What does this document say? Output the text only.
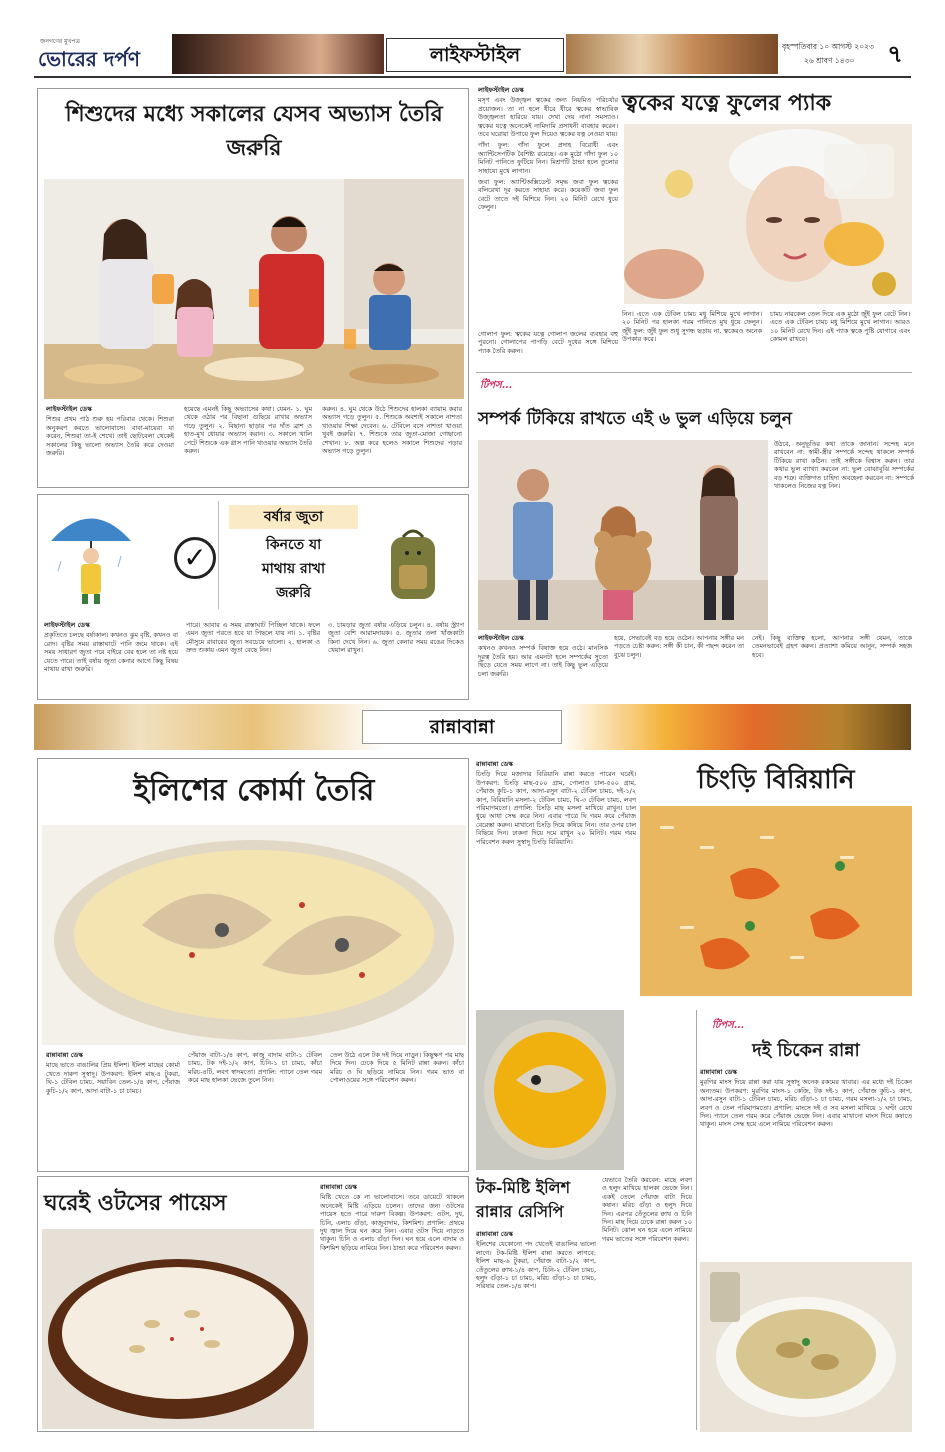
জনগণের মুখপত্র
ভোরের দর্পণ	লাইফস্টাইল	বৃহস্পতিবার ১০ আগস্ট ২০২৩
২৬ শ্রাবণ ১৪৩০ ৭
শিশুদের মধ্যে সকালের যেসব অভ্যাস তৈরি জরুরি
লাইফস্টাইল ডেস্ক
শিশুর প্রথম পাঠ শুরু হয় পরিবার থেকে। শিশুরা অনুকরণ করতে ভালোবাসে। বাবা-মায়েরা যা করেন, শিশুরা তা-ই শেখে। তাই ছোটবেলা থেকেই সকালের কিছু ভালো অভ্যাস তৈরি করে দেওয়া জরুরি।
হয়েছে এমনই কিছু অভ্যাসের কথা। যেমন- ১. ঘুম থেকে ওঠার পর বিছানা গুছিয়ে রাখার অভ্যাস গড়ে তুলুন। ২. বিছানা ছাড়ার পর দাঁত ব্রাশ ও হাত-মুখ ধোয়ার অভ্যাস করান। ৩. সকালে খালি পেটে শিশুকে এক গ্লাস পানি খাওয়ার অভ্যাস তৈরি করুন।
করুন। ৪. ঘুম থেকে উঠে শিশুদের হালকা ব্যায়াম করার অভ্যাস গড়ে তুলুন। ৫. শিশুকে অবশ্যই সকালে নাশতা খাওয়ার শিক্ষা দেবেন। ৬. টেবিলে বসে নাশতা খাওয়া খুবই জরুরি। ৭. শিশুকে তার জুতা-মোজা গোছানো শেখান। ৮. অল্প করে হলেও সকালে শিশুদের পড়ার অভ্যাস গড়ে তুলুন।
✓
বর্ষার জুতা
কিনতে যা
মাথায় রাখা
জরুরি
লাইফস্টাইল ডেস্ক
প্রকৃতিতে চলছে বর্ষাকাল। কখনও ঝুম বৃষ্টি, কখনও বা রোদ। বৃষ্টির সময় রাস্তাঘাটে পানি জমে থাকে। এই সময় সাধারণ জুতা পরে বাইরে বের হলে তা নষ্ট হয়ে যেতে পারে। তাই বর্ষায় জুতা কেনার আগে কিছু বিষয় মাথায় রাখা জরুরি।
পারে। আবার এ সময় রাস্তাঘাট পিচ্ছিল থাকে। ফলে এমন জুতা পরতে হবে যা পিছলে যায় না। ১. বৃষ্টির মৌসুমে রাবারের জুতা সবচেয়ে ভালো। ২. হালকা ও দ্রুত শুকায় এমন জুতা বেছে নিন।
৩. চামড়ার জুতা বর্ষায় এড়িয়ে চলুন। ৪. বর্ষায় স্ট্র্যাপ জুতা বেশি আরামদায়ক। ৫. জুতার তলা খাঁজকাটা কিনা দেখে নিন। ৬. জুতা কেনার সময় রঙের দিকেও খেয়াল রাখুন।
লাইফস্টাইল ডেস্ক

মসৃণ এবং উজ্জ্বল ত্বকের জন্য নিয়মিত পরিচর্যার প্রয়োজন। তা না হলে ধীরে ধীরে ত্বকের স্বাভাবিক উজ্জ্বলতা হারিয়ে যায়। দেখা দেয় নানা সমস্যাও। ত্বকের যত্নে অনেকেই নামিদামি প্রসাধনী ব্যবহার করেন। তবে ঘরোয়া উপায়ে ফুল দিয়েও ত্বকের যত্ন নেওয়া যায়।

গাঁদা ফুল: গাঁদা ফুলে প্রদাহ বিরোধী এবং অ্যান্টিসেপটিক বৈশিষ্ট্য রয়েছে। এক মুঠো গাঁদা ফুল ১০ মিনিট পানিতে ফুটিয়ে নিন। মিশ্রণটি ঠান্ডা হলে তুলোর সাহায্যে মুখে লাগান।

জবা ফুল: অ্যান্টিঅক্সিডেন্ট সমৃদ্ধ জবা ফুল ত্বকের বলিরেখা দূর করতে সাহায্য করে। কয়েকটি জবা ফুল বেটে তাতে দই মিশিয়ে নিন। ২০ মিনিট রেখে ধুয়ে ফেলুন।

ত্বকের যত্নে ফুলের প্যাক
গোলাপ ফুল: ত্বকের যত্নে গোলাপ জলের ব্যবহার বহু পুরনো। গোলাপের পাপড়ি বেটে দুধের সঙ্গে মিশিয়ে প্যাক তৈরি করুন।
নিন। এতে এক টেবিল চামচ মধু মিশিয়ে মুখে লাগান। ২০ মিনিট পর হালকা গরম পানিতে মুখ ধুয়ে ফেলুন। জুঁই ফুল: জুঁই ফুল শুধু সুগন্ধ ছড়ায় না, ত্বকেরও অনেক উপকার করে।
চামচ নারকেল তেল দিয়ে এক মুঠো জুঁই ফুল বেটে নিন। এতে এক টেবিল চামচ মধু মিশিয়ে মুখে লাগান। আরও ১০ মিনিট রেখে দিন। এই প্যাক ত্বকে পুষ্টি যোগাবে এবং কোমল রাখবে।
টিপস...
সম্পর্ক টিকিয়ে রাখতে এই ৬ ভুল এড়িয়ে চলুন
উঠবে, অনুভূতির কথা তাকে জানান। সন্দেহ মনে রাখবেন না: স্বামী-স্ত্রীর সম্পর্কে সন্দেহ থাকলে সম্পর্ক টিকিয়ে রাখা কঠিন। তাই সঙ্গীকে বিশ্বাস করুন। তার কথার ভুল ব্যাখ্যা করবেন না: ভুল বোঝাবুঝি সম্পর্কের বড় শত্রু। ব্যক্তিগত চাহিদা অবহেলা করবেন না: সম্পর্কে থাকলেও নিজের যত্ন নিন।
লাইফস্টাইল ডেস্ক
কখনও কখনও সম্পর্ক বিষাক্ত হয়ে ওঠে। মানসিক দূরত্ব তৈরি হয়। আর এমনটা হলে সম্পর্কের সুতো ছিঁড়ে যেতে সময় লাগে না। তাই কিছু ভুল এড়িয়ে চলা জরুরি।
হয়ে, সেভাবেই বড় হয়ে ওঠেন। আপনার সঙ্গীর মন পড়তে চেষ্টা করুন: সঙ্গী কী চান, কী পছন্দ করেন তা বুঝে চলুন।
নেই। কিছু ব্যক্তিত্ব হলো, আপনার সঙ্গী যেমন, তাকে তেমনভাবেই গ্রহণ করুন। প্রত্যাশা কমিয়ে আনুন, সম্পর্ক সহজ হবে।
রান্নাবান্না
ইলিশের কোর্মা তৈরি
রান্নাবান্না ডেস্ক
মাছে ভাতে বাঙালির প্রিয় ইলিশ। ইলিশ মাছের কোর্মা খেতে দারুণ সুস্বাদু। উপকরণ: ইলিশ মাছ-৪ টুকরা, ঘি-১ টেবিল চামচ, সয়াবিন তেল-১/৪ কাপ, পেঁয়াজ কুচি-১/২ কাপ, আদা বাটা-১ চা চামচ।
পেঁয়াজ বাটা-১/৪ কাপ, কাজু বাদাম বাটা-১ টেবিল চামচ, টক দই-১/২ কাপ, চিনি-১ চা চামচ, কাঁচা মরিচ-৪টি, লবণ স্বাদমতো। প্রণালি: প্যানে তেল গরম করে মাছ হালকা ভেজে তুলে নিন।
তেল উঠে এলে টক দই দিয়ে নাড়ুন। কিছুক্ষণ পর মাছ দিয়ে দিন। ঢেকে দিয়ে ৫ মিনিট রান্না করুন। কাঁচা মরিচ ও ঘি ছড়িয়ে নামিয়ে নিন। গরম ভাত বা পোলাওয়ের সঙ্গে পরিবেশন করুন।
ঘরেই ওটসের পায়েস
রান্নাবান্না ডেস্ক
মিষ্টি খেতে কে না ভালোবাসে। তবে ডায়েটে থাকলে অনেকেই মিষ্টি এড়িয়ে চলেন। তাদের জন্য ওটসের পায়েস হতে পারে দারুণ বিকল্প। উপকরণ: ওটস, দুধ, চিনি, এলাচ গুঁড়া, কাজুবাদাম, কিশমিশ। প্রণালি: প্রথমে দুধ জ্বাল দিয়ে ঘন করে নিন। এবার ওটস দিয়ে নাড়তে থাকুন। চিনি ও এলাচ গুঁড়া দিন। ঘন হয়ে এলে বাদাম ও কিশমিশ ছড়িয়ে নামিয়ে নিন। ঠান্ডা করে পরিবেশন করুন।
রান্নাবান্না ডেস্ক
চিংড়ি দিয়ে মজাদার বিরিয়ানি রান্না করতে পারেন ঘরেই। উপকরণ: চিংড়ি মাছ-৫০০ গ্রাম, পোলাও চাল-৫০০ গ্রাম, পেঁয়াজ কুচি-১ কাপ, আদা-রসুন বাটা-২ টেবিল চামচ, দই-১/২ কাপ, বিরিয়ানি মসলা-২ টেবিল চামচ, ঘি-৩ টেবিল চামচ, লবণ পরিমাণমতো। প্রণালি: চিংড়ি মাছ মসলা মাখিয়ে রাখুন। চাল ধুয়ে আধা সেদ্ধ করে নিন। এবার পাত্রে ঘি গরম করে পেঁয়াজ বেরেস্তা করুন। মাখানো চিংড়ি দিয়ে কষিয়ে নিন। তার ওপর চাল বিছিয়ে দিন। ঢাকনা দিয়ে দমে রাখুন ২০ মিনিট। গরম গরম পরিবেশন করুন সুস্বাদু চিংড়ি বিরিয়ানি।
চিংড়ি বিরিয়ানি
টক-মিষ্টি ইলিশ
রান্নার রেসিপি
রান্নাবান্না ডেস্ক
ইলিশের যেকোনো পদ খেতেই বাঙালির ভালো লাগে। টক-মিষ্টি ইলিশ রান্না করতে লাগবে: ইলিশ মাছ-৬ টুকরা, পেঁয়াজ বাটা-১/২ কাপ, তেঁতুলের ক্বাথ-১/৪ কাপ, চিনি-২ টেবিল চামচ, হলুদ গুঁড়া-১ চা চামচ, মরিচ গুঁড়া-১ চা চামচ, সরিষার তেল-১/৪ কাপ।
যেভাবে তৈরি করবেন: মাছে লবণ ও হলুদ মাখিয়ে হালকা ভেজে নিন। একই তেলে পেঁয়াজ বাটা দিয়ে কষান। মরিচ গুঁড়া ও হলুদ দিয়ে দিন। এরপর তেঁতুলের ক্বাথ ও চিনি দিন। মাছ দিয়ে ঢেকে রান্না করুন ১০ মিনিট। ঝোল ঘন হয়ে এলে নামিয়ে গরম ভাতের সঙ্গে পরিবেশন করুন।
টিপস...
দই চিকেন রান্না
রান্নাবান্না ডেস্ক
মুরগির মাংস দিয়ে রান্না করা যায় সুস্বাদু অনেক রকমের খাবার। এর মধ্যে দই চিকেন অন্যতম। উপকরণ: মুরগির মাংস-১ কেজি, টক দই-১ কাপ, পেঁয়াজ কুচি-১ কাপ, আদা-রসুন বাটা-১ টেবিল চামচ, মরিচ গুঁড়া-১ চা চামচ, গরম মসলা-১/২ চা চামচ, লবণ ও তেল পরিমাণমতো। প্রণালি: মাংসে দই ও সব মসলা মাখিয়ে ১ ঘণ্টা রেখে দিন। প্যানে তেল গরম করে পেঁয়াজ ভেজে নিন। এবার মাখানো মাংস দিয়ে কষাতে থাকুন। মাংস সেদ্ধ হয়ে এলে নামিয়ে পরিবেশন করুন।
